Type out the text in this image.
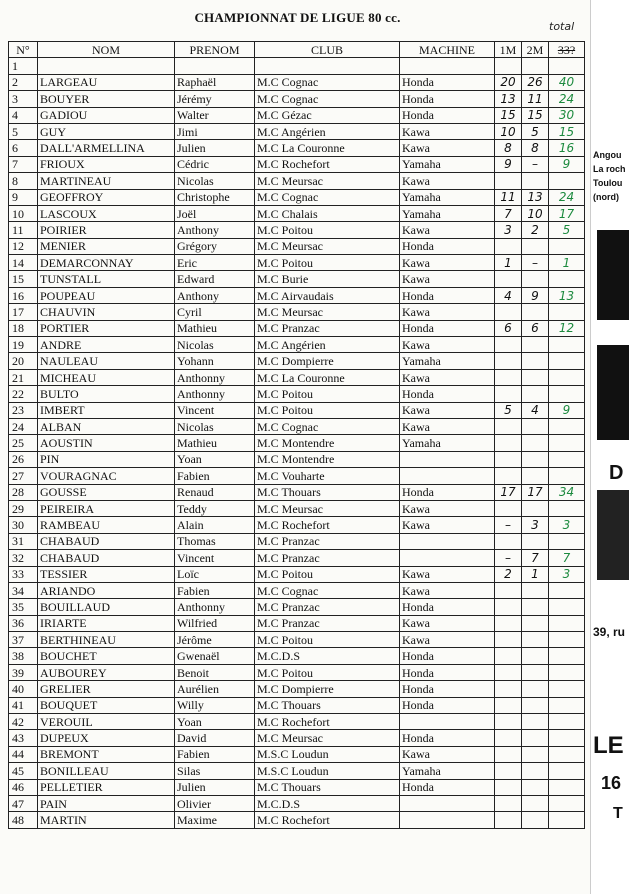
CHAMPIONNAT DE LIGUE 80 cc.
total
N°	NOM	PRENOM	CLUB	MACHINE	1M	2M	33?
1							
2	LARGEAU	Raphaël	M.C Cognac	Honda	20	26	40
3	BOUYER	Jérémy	M.C Cognac	Honda	13	11	24
4	GADIOU	Walter	M.C Gézac	Honda	15	15	30
5	GUY	Jimi	M.C Angérien	Kawa	10	5	15
6	DALL'ARMELLINA	Julien	M.C La Couronne	Kawa	8	8	16
7	FRIOUX	Cédric	M.C Rochefort	Yamaha	9	–	9
8	MARTINEAU	Nicolas	M.C Meursac	Kawa			
9	GEOFFROY	Christophe	M.C Cognac	Yamaha	11	13	24
10	LASCOUX	Joël	M.C Chalais	Yamaha	7	10	17
11	POIRIER	Anthony	M.C Poitou	Kawa	3	2	5
12	MENIER	Grégory	M.C Meursac	Honda			
14	DEMARCONNAY	Eric	M.C Poitou	Kawa	1	–	1
15	TUNSTALL	Edward	M.C Burie	Kawa			
16	POUPEAU	Anthony	M.C Airvaudais	Honda	4	9	13
17	CHAUVIN	Cyril	M.C Meursac	Kawa			
18	PORTIER	Mathieu	M.C Pranzac	Honda	6	6	12
19	ANDRE	Nicolas	M.C Angérien	Kawa			
20	NAULEAU	Yohann	M.C Dompierre	Yamaha			
21	MICHEAU	Anthonny	M.C La Couronne	Kawa			
22	BULTO	Anthonny	M.C Poitou	Honda			
23	IMBERT	Vincent	M.C Poitou	Kawa	5	4	9
24	ALBAN	Nicolas	M.C Cognac	Kawa			
25	AOUSTIN	Mathieu	M.C Montendre	Yamaha			
26	PIN	Yoan	M.C Montendre				
27	VOURAGNAC	Fabien	M.C Vouharte				
28	GOUSSE	Renaud	M.C Thouars	Honda	17	17	34
29	PEIREIRA	Teddy	M.C Meursac	Kawa			
30	RAMBEAU	Alain	M.C Rochefort	Kawa	–	3	3
31	CHABAUD	Thomas	M.C Pranzac				
32	CHABAUD	Vincent	M.C Pranzac		–	7	7
33	TESSIER	Loïc	M.C Poitou	Kawa	2	1	3
34	ARIANDO	Fabien	M.C Cognac	Kawa			
35	BOUILLAUD	Anthonny	M.C Pranzac	Honda			
36	IRIARTE	Wilfried	M.C Pranzac	Kawa			
37	BERTHINEAU	Jérôme	M.C Poitou	Kawa			
38	BOUCHET	Gwenaël	M.C.D.S	Honda			
39	AUBOUREY	Benoit	M.C Poitou	Honda			
40	GRELIER	Aurélien	M.C Dompierre	Honda			
41	BOUQUET	Willy	M.C Thouars	Honda			
42	VEROUIL	Yoan	M.C Rochefort				
43	DUPEUX	David	M.C Meursac	Honda			
44	BREMONT	Fabien	M.S.C Loudun	Kawa			
45	BONILLEAU	Silas	M.S.C Loudun	Yamaha			
46	PELLETIER	Julien	M.C Thouars	Honda			
47	PAIN	Olivier	M.C.D.S				
48	MARTIN	Maxime	M.C Rochefort				
Angou
La roch
Toulou
(nord)
D
39, ru
LE
16
T
